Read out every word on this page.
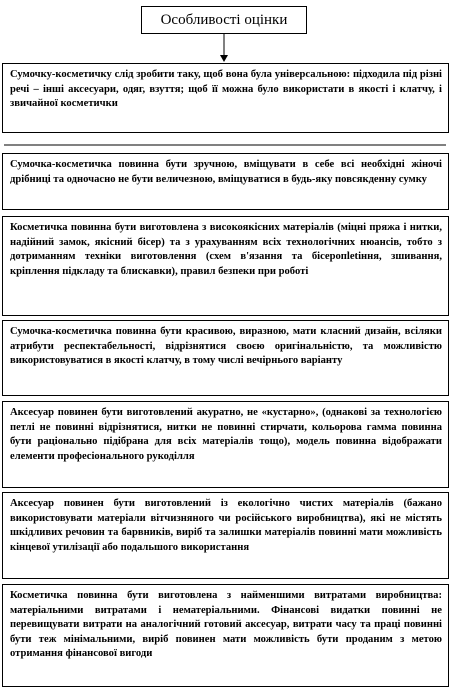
Особливості оцінки

Сумочку-косметичку слід зробити таку, щоб вона була універсальною: підходила під різні речі – інші аксесуари, одяг, взуття; щоб її можна було використати в якості і клатчу, і звичайної косметички

Сумочка-косметичка повинна бути зручною, вміщувати в себе всі необхідні жіночі дрібниці та одночасно не бути величезною, вміщуватися в будь-яку повсякденну сумку

Косметичка повинна бути виготовлена з високоякісних матеріалів (міцні пряжа і нитки, надійний замок, якісний бісер) та з урахуванням всіх технологічних нюансів, тобто з дотриманням техніки виготовлення (схем в'язання та бісеропletіння, зшивання, кріплення підкладу та блискавки), правил безпеки при роботі

Сумочка-косметичка повинна бути красивою, виразною, мати класний дизайн, всіляки атрибути респектабельності, відрізнятися своєю оригінальністю, та можливістю використовуватися в якості клатчу, в тому числі вечірнього варіанту

Аксесуар повинен бути виготовлений акуратно, не «кустарно», (однакові за технологією петлі не повинні відрізнятися, нитки не повинні стирчати, кольорова гамма повинна бути раціонально підібрана для всіх матеріалів тощо), модель повинна відображати елементи професіонального рукоділля

Аксесуар повинен бути виготовлений із екологічно чистих матеріалів (бажано використовувати матеріали вітчизняного чи російського виробництва), які не містять шкідливих речовин та барвників, виріб та залишки матеріалів повинні мати можливість кінцевої утилізації або подальшого використання

Косметичка повинна бути виготовлена з найменшими витратами виробництва: матеріальними витратами і нематеріальними. Фінансові видатки повинні не перевищувати витрати на аналогічний готовий аксесуар, витрати часу та праці повинні бути теж мінімальними, виріб повинен мати можливість бути проданим з метою отримання фінансової вигоди
